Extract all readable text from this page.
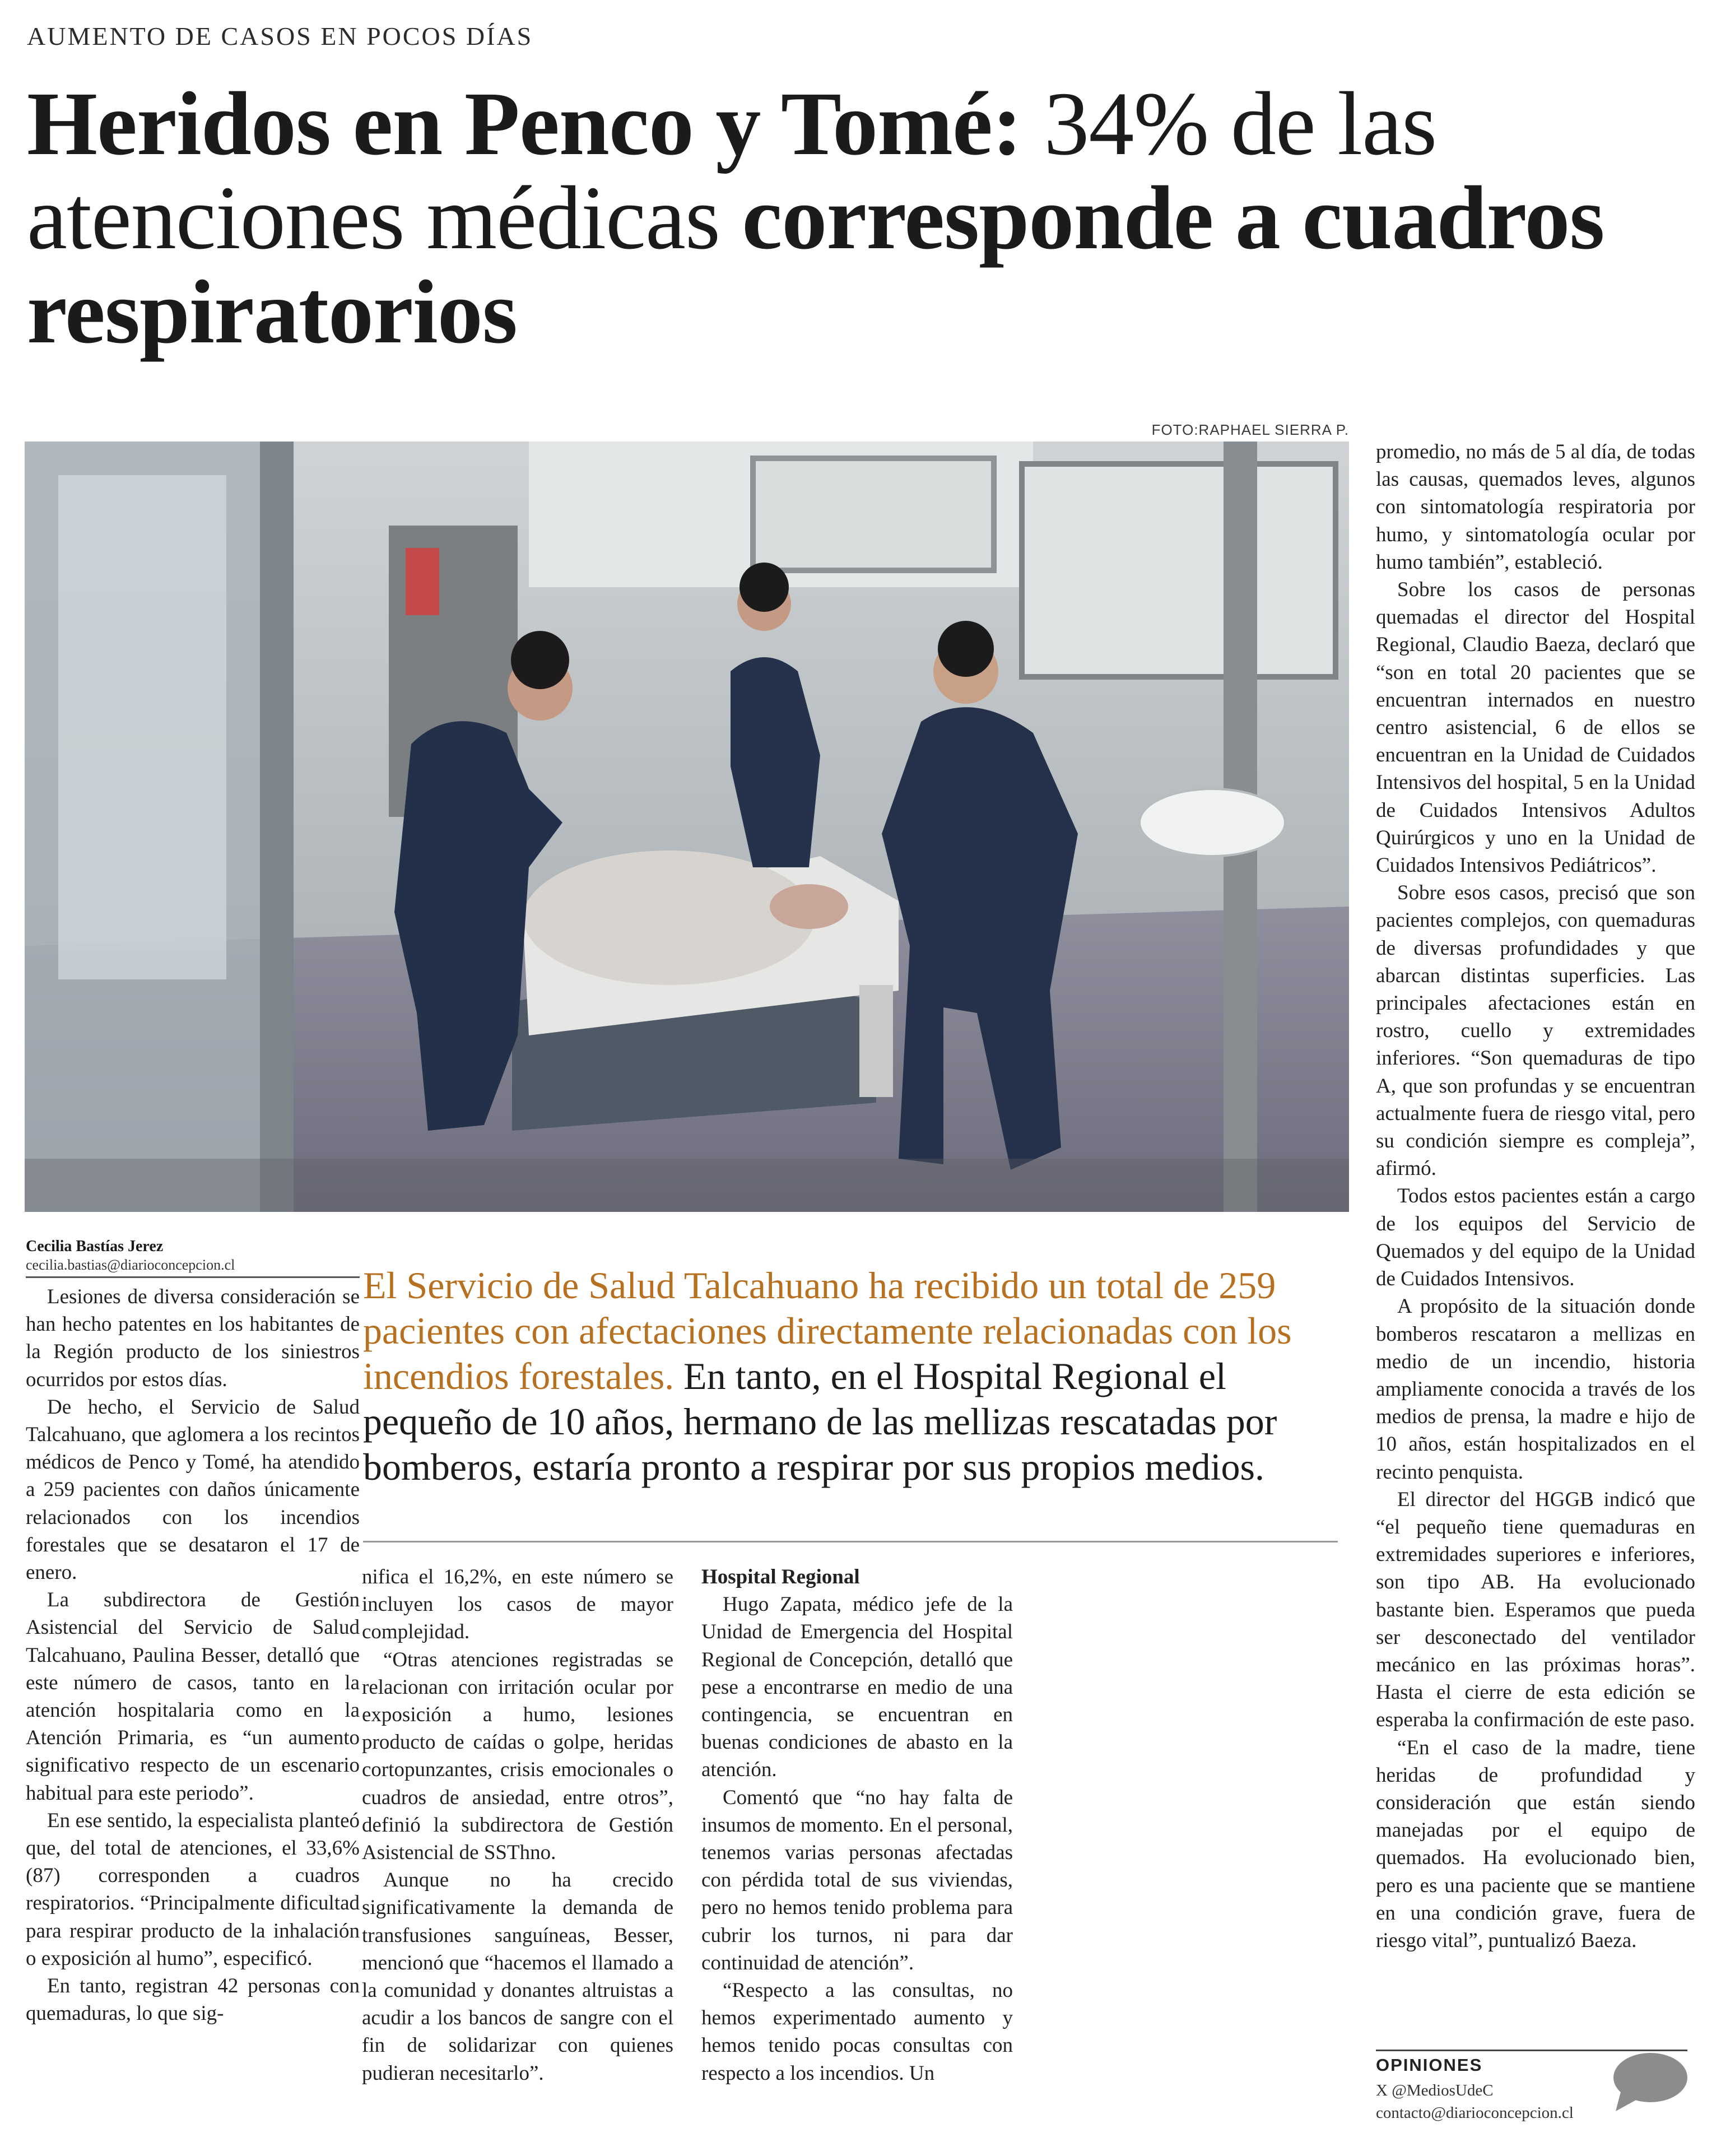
AUMENTO DE CASOS EN POCOS DÍAS
Heridos en Penco y Tomé: 34% de las atenciones médicas corresponde a cuadros respiratorios
FOTO:RAPHAEL SIERRA P.
Cecilia Bastías Jerez
cecilia.bastias@diarioconcepcion.cl

Lesiones de diversa consideración se han hecho patentes en los habitantes de la Región producto de los siniestros ocurridos por estos días.

De hecho, el Servicio de Salud Talcahuano, que aglomera a los recintos médicos de Penco y Tomé, ha atendido a 259 pacientes con daños únicamente relacionados con los incendios forestales que se desataron el 17 de enero.

La subdirectora de Gestión Asistencial del Servicio de Salud Talcahuano, Paulina Besser, detalló que este número de casos, tanto en la atención hospitalaria como en la Atención Primaria, es “un aumento significativo respecto de un escenario habitual para este periodo”.

En ese sentido, la especialista planteó que, del total de atenciones, el 33,6% (87) corresponden a cuadros respiratorios. “Principalmente dificultad para respirar producto de la inhalación o exposición al humo”, especificó.

En tanto, registran 42 personas con quemaduras, lo que sig-

El Servicio de Salud Talcahuano ha recibido un total de 259 pacientes con afectaciones directamente relacionadas con los incendios forestales. En tanto, en el Hospital Regional el pequeño de 10 años, hermano de las mellizas rescatadas por bomberos, estaría pronto a respirar por sus propios medios.

nifica el 16,2%, en este número se incluyen los casos de mayor complejidad.

“Otras atenciones registradas se relacionan con irritación ocular por exposición a humo, lesiones producto de caídas o golpe, heridas cortopunzantes, crisis emocionales o cuadros de ansiedad, entre otros”, definió la subdirectora de Gestión Asistencial de SSThno.

Aunque no ha crecido significativamente la demanda de transfusiones sanguíneas, Besser, mencionó que “hacemos el llamado a la comunidad y donantes altruistas a acudir a los bancos de sangre con el fin de solidarizar con quienes pudieran necesitarlo”.

Hospital Regional

Hugo Zapata, médico jefe de la Unidad de Emergencia del Hospital Regional de Concepción, detalló que pese a encontrarse en medio de una contingencia, se encuentran en buenas condiciones de abasto en la atención.

Comentó que “no hay falta de insumos de momento. En el personal, tenemos varias personas afectadas con pérdida total de sus viviendas, pero no hemos tenido problema para cubrir los turnos, ni para dar continuidad de atención”.

“Respecto a las consultas, no hemos experimentado aumento y hemos tenido pocas consultas con respecto a los incendios. Un

promedio, no más de 5 al día, de todas las causas, quemados leves, algunos con sintomatología respiratoria por humo, y sintomatología ocular por humo también”, estableció.

Sobre los casos de personas quemadas el director del Hospital Regional, Claudio Baeza, declaró que “son en total 20 pacientes que se encuentran internados en nuestro centro asistencial, 6 de ellos se encuentran en la Unidad de Cuidados Intensivos del hospital, 5 en la Unidad de Cuidados Intensivos Adultos Quirúrgicos y uno en la Unidad de Cuidados Intensivos Pediátricos”.

Sobre esos casos, precisó que son pacientes complejos, con quemaduras de diversas profundidades y que abarcan distintas superficies. Las principales afectaciones están en rostro, cuello y extremidades inferiores. “Son quemaduras de tipo A, que son profundas y se encuentran actualmente fuera de riesgo vital, pero su condición siempre es compleja”, afirmó.

Todos estos pacientes están a cargo de los equipos del Servicio de Quemados y del equipo de la Unidad de Cuidados Intensivos.

A propósito de la situación donde bomberos rescataron a mellizas en medio de un incendio, historia ampliamente conocida a través de los medios de prensa, la madre e hijo de 10 años, están hospitalizados en el recinto penquista.

El director del HGGB indicó que “el pequeño tiene quemaduras en extremidades superiores e inferiores, son tipo AB. Ha evolucionado bastante bien. Esperamos que pueda ser desconectado del ventilador mecánico en las próximas horas”. Hasta el cierre de esta edición se esperaba la confirmación de este paso.

“En el caso de la madre, tiene heridas de profundidad y consideración que están siendo manejadas por el equipo de quemados. Ha evolucionado bien, pero es una paciente que se mantiene en una condición grave, fuera de riesgo vital”, puntualizó Baeza.

OPINIONES
X @MediosUdeC
contacto@diarioconcepcion.cl
